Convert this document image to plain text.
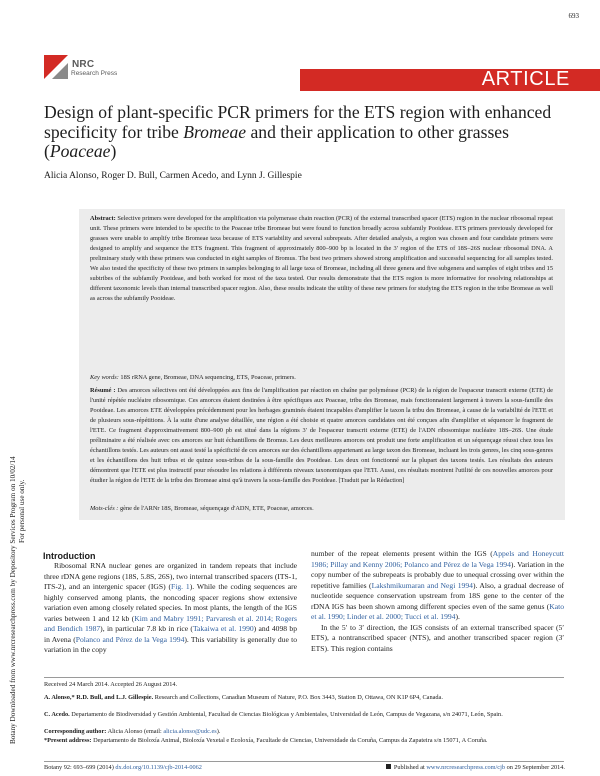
693
NRC
Research Press	ARTICLE
Design of plant-specific PCR primers for the ETS region with enhanced specificity for tribe Bromeae and their application to other grasses (Poaceae)
Alicia Alonso, Roger D. Bull, Carmen Acedo, and Lynn J. Gillespie
Botany Downloaded from www.nrcresearchpress.com by Depository Services Program on 10/02/14 For personal use only.
Abstract: Selective primers were developed for the amplification via polymerase chain reaction (PCR) of the external transcribed spacer (ETS) region in the nuclear ribosomal repeat unit. These primers were intended to be specific to the Poaceae tribe Bromeae but were found to function broadly across subfamily Pooideae. ETS primers previously developed for grasses were unable to amplify tribe Bromeae taxa because of ETS variability and several subrepeats. After detailed analysis, a region was chosen and four candidate primers were designed to amplify and sequence the ETS fragment. This fragment of approximately 800–900 bp is located in the 3′ region of the ETS of 18S–26S nuclear ribosomal DNA. A preliminary study with these primers was conducted in eight samples of Bromus. The best two primers showed strong amplification and successful sequencing for all samples tested. We also tested the specificity of these two primers in samples belonging to all large taxa of Bromeae, including all three genera and five subgenera and samples of eight tribes and 15 subtribes of the subfamily Pooideae, and both worked for most of the taxa tested. Our results demonstrate that the ETS region is more informative for resolving relationships at different taxonomic levels than internal transcribed spacer region. Also, these results indicate the utility of these new primers for studying the ETS region in the tribe Bromeae as well as across the subfamily Pooideae.
Key words: 18S rRNA gene, Bromeae, DNA sequencing, ETS, Poaceae, primers.
Résumé : Des amorces sélectives ont été développées aux fins de l'amplification par réaction en chaîne par polymérase (PCR) de la région de l'espaceur transcrit externe (ETE) de l'unité répétée nucléaire ribosomique. Ces amorces étaient destinées à être spécifiques aux Poaceae, tribu des Bromeae, mais fonctionnaient largement à travers la sous-famille des Pooideae. Les amorces ETE développées précédemment pour les herbages graminés étaient incapables d'amplifier le taxon la tribu des Bromeae, à cause de la variabilité de l'ETE et de plusieurs sous-répétitions. À la suite d'une analyse détaillée, une région a été choisie et quatre amorces candidates ont été conçues afin d'amplifier et séquencer le fragment de l'ETE. Ce fragment d'approximativement 800–900 pb est situé dans la régions 3′ de l'espaceur transcrit externe (ETE) de l'ADN ribosomique nucléaire 18S–26S. Une étude préliminaire a été réalisée avec ces amorces sur huit échantillons de Bromus. Les deux meilleures amorces ont produit une forte amplification et un séquençage réussi chez tous les échantillons testés. Les auteurs ont aussi testé la spécificité de ces amorces sur des échantillons appartenant au large taxon des Bromeae, incluant les trois genres, les cinq sous-genres et les échantillons des huit tribus et de quinze sous-tribus de la sous-famille des Pooideae. Les deux ont fonctionné sur la plupart des taxons testés. Les résultats des auteurs démontrent que l'ETE est plus instructif pour résoudre les relations à différents niveaux taxonomiques que l'ETI. Aussi, ces résultats montrent l'utilité de ces nouvelles amorces pour étudier la région de l'ETE de la tribu des Bromeae ainsi qu'à travers la sous-famille des Pooideae. [Traduit par la Rédaction]
Mots-clés : gène de l'ARNr 18S, Bromeae, séquençage d'ADN, ETE, Poaceae, amorces.
Introduction

Ribosomal RNA nuclear genes are organized in tandem repeats that include three rDNA gene regions (18S, 5.8S, 26S), two internal transcribed spacers (ITS-1, ITS-2), and an intergenic spacer (IGS) (Fig. 1). While the coding sequences are highly conserved among plants, the noncoding spacer regions show extensive variation even among closely related species. In most plants, the length of the IGS varies between 1 and 12 kb (Kim and Mabry 1991; Parvaresh et al. 2014; Rogers and Bendich 1987), in particular 7.8 kb in rice (Takaiwa et al. 1990) and 4098 bp in Avena (Polanco and Pérez de la Vega 1994). This variability is generally due to variation in the copy

number of the repeat elements present within the IGS (Appels and Honeycutt 1986; Pillay and Kenny 2006; Polanco and Pérez de la Vega 1994). Variation in the copy number of the subrepeats is probably due to unequal crossing over within the repetitive families (Lakshmikumaran and Negi 1994). Also, a gradual decrease of nucleotide sequence conservation upstream from 18S gene to the center of the rDNA IGS has been shown among different species even of the same genus (Kato et al. 1990; Linder et al. 2000; Tucci et al. 1994).

In the 5′ to 3′ direction, the IGS consists of an external transcribed spacer (5′ ETS), a nontranscribed spacer (NTS), and another transcribed spacer region (3′ ETS). This region contains

Received 24 March 2014. Accepted 26 August 2014.
A. Alonso,* R.D. Bull, and L.J. Gillespie. Research and Collections, Canadian Museum of Nature, P.O. Box 3443, Station D, Ottawa, ON K1P 6P4, Canada.
C. Acedo. Departamento de Biodiversidad y Gestión Ambiental, Facultad de Ciencias Biológicas y Ambientales, Universidad de León, Campus de Vegazana, s/n 24071, León, Spain.
Corresponding author: Alicia Alonso (email: alicia.alonso@udc.es).
*Present address: Departamento de Bioloxía Animal, Bioloxía Vexetal e Ecoloxía, Facultade de Ciencias, Universidade da Coruña, Campus da Zapateira s/n 15071, A Coruña.
Botany 92: 693–699 (2014) dx.doi.org/10.1139/cjb-2014-0062	Published at www.nrcresearchpress.com/cjb on 29 September 2014.
